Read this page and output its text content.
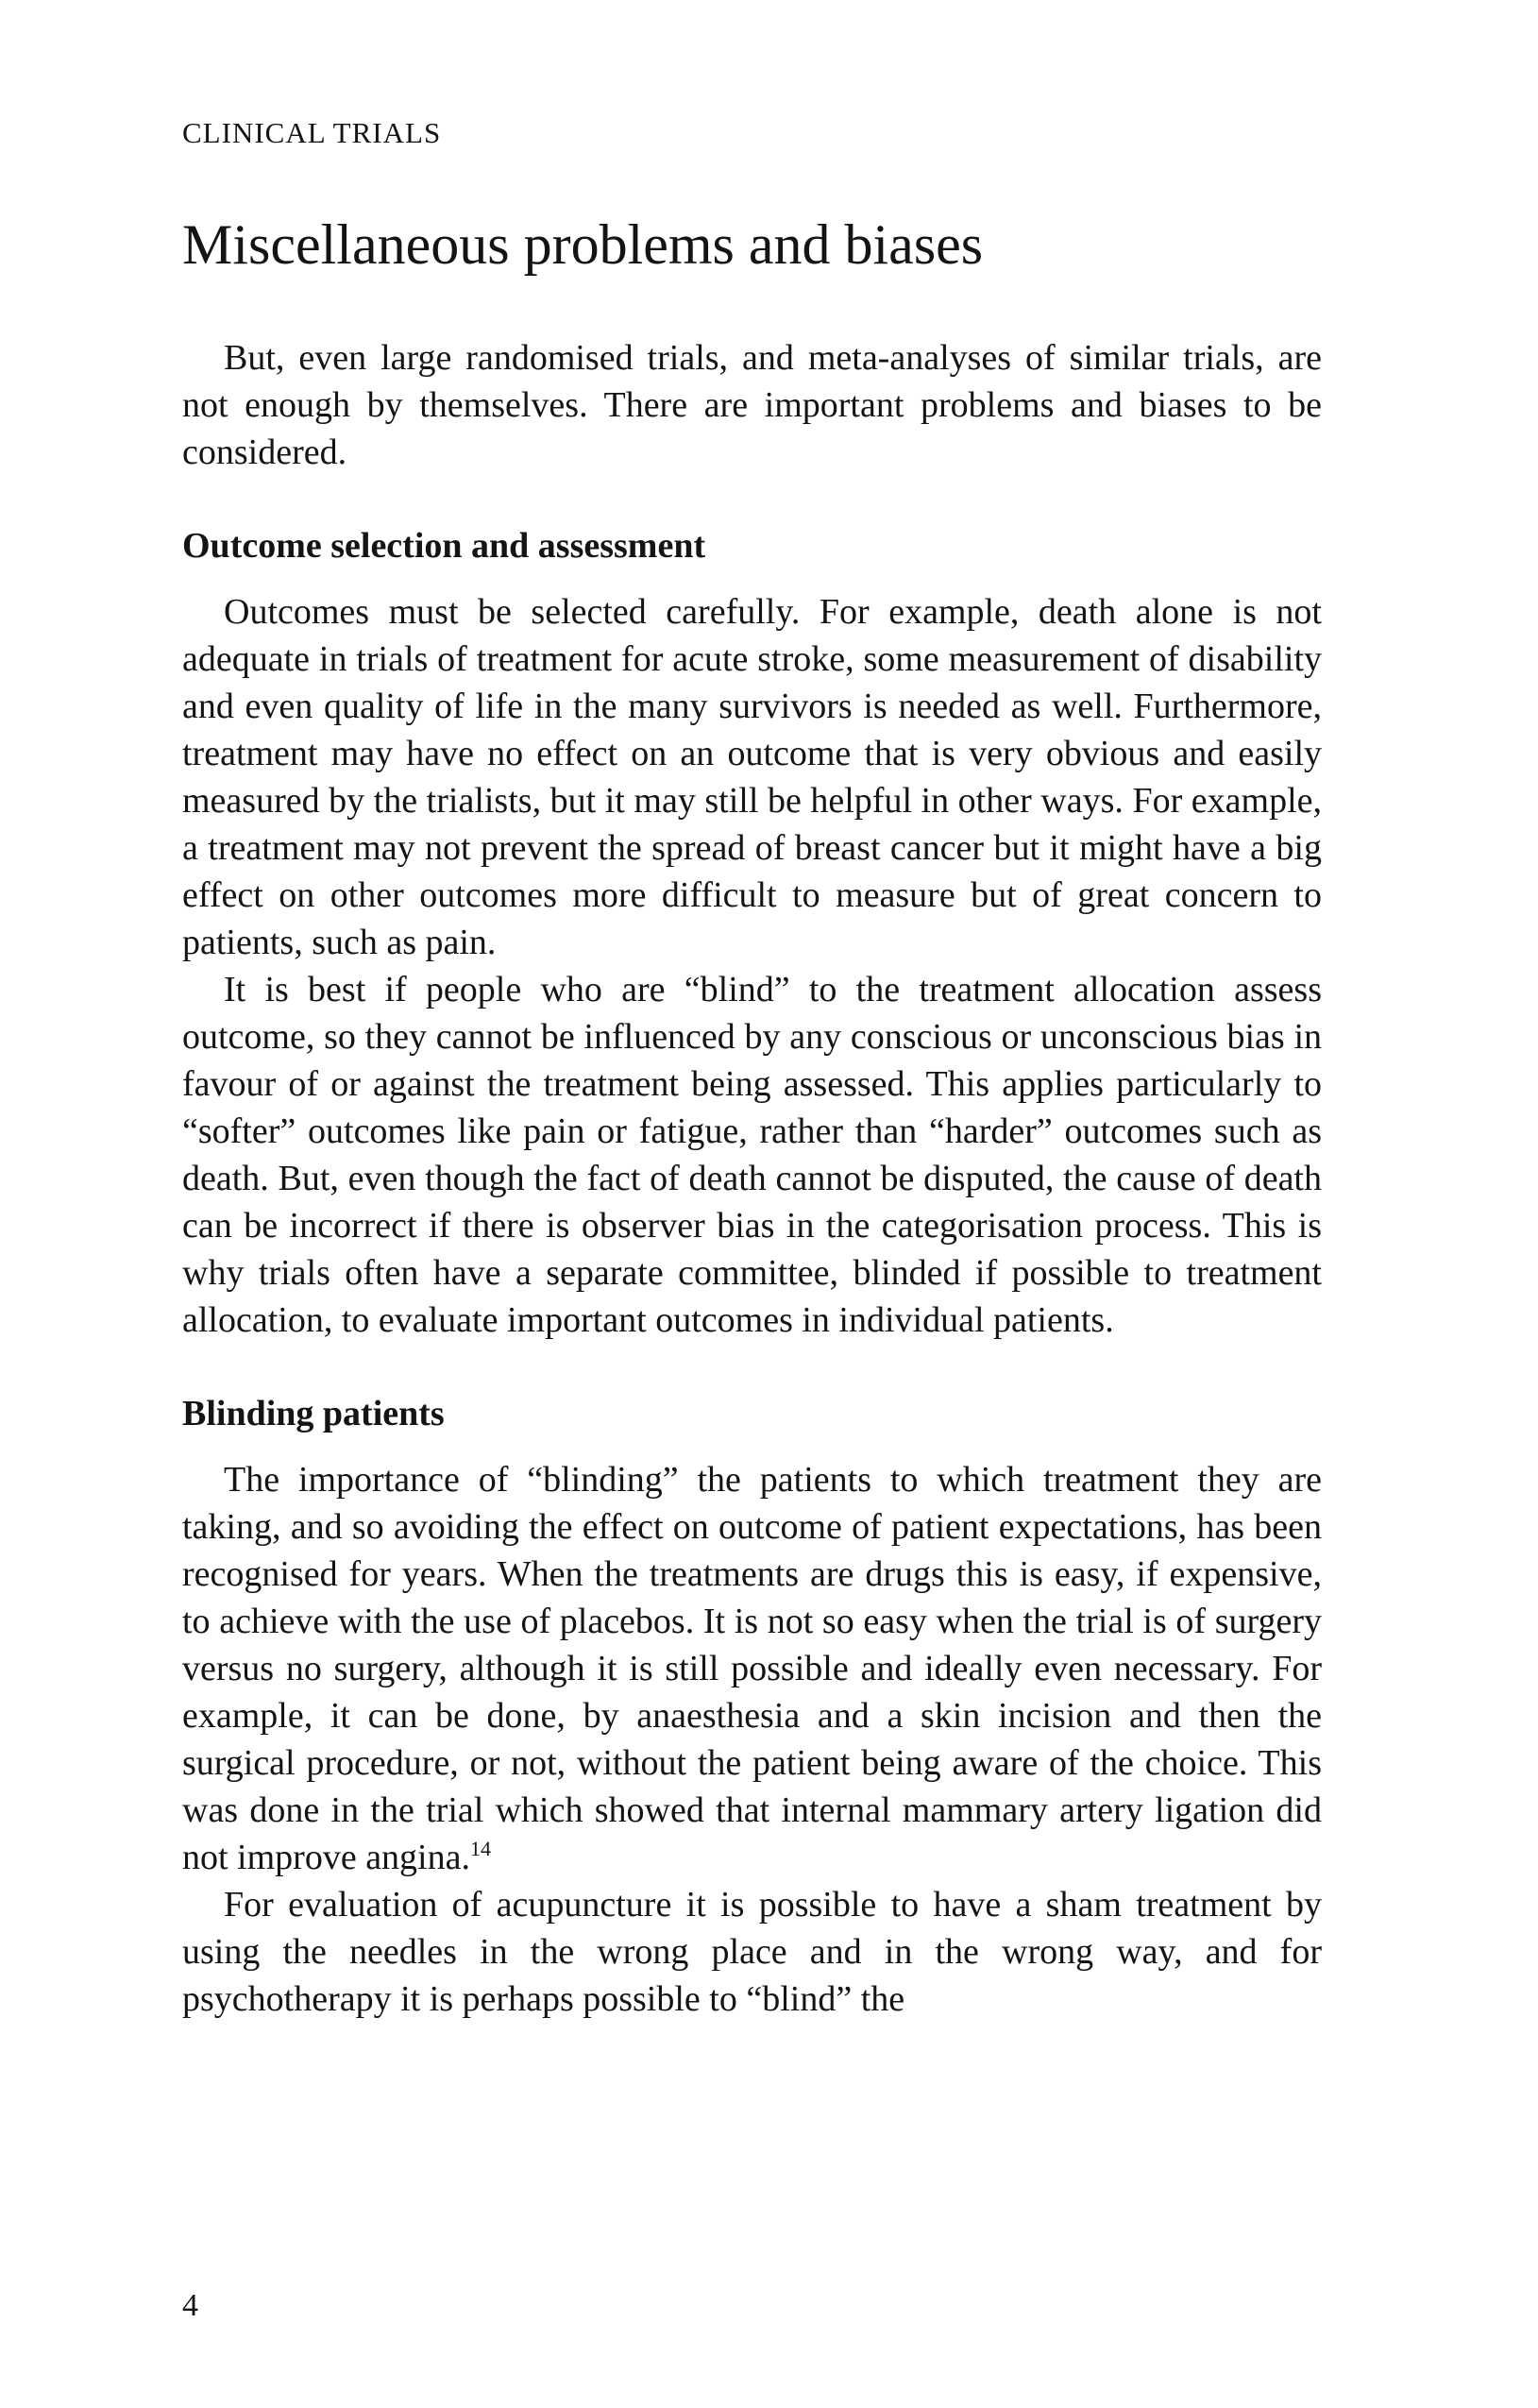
CLINICAL TRIALS
Miscellaneous problems and biases

But, even large randomised trials, and meta-analyses of similar trials, are not enough by themselves. There are important problems and biases to be considered.

Outcome selection and assessment

Outcomes must be selected carefully. For example, death alone is not adequate in trials of treatment for acute stroke, some measurement of disability and even quality of life in the many survivors is needed as well. Furthermore, treatment may have no effect on an outcome that is very obvious and easily measured by the trialists, but it may still be helpful in other ways. For example, a treatment may not prevent the spread of breast cancer but it might have a big effect on other outcomes more difficult to measure but of great concern to patients, such as pain.

It is best if people who are “blind” to the treatment allocation assess outcome, so they cannot be influenced by any conscious or unconscious bias in favour of or against the treatment being assessed. This applies particularly to “softer” outcomes like pain or fatigue, rather than “harder” outcomes such as death. But, even though the fact of death cannot be disputed, the cause of death can be incorrect if there is observer bias in the categorisation process. This is why trials often have a separate committee, blinded if possible to treatment allocation, to evaluate important outcomes in individual patients.

Blinding patients

The importance of “blinding” the patients to which treatment they are taking, and so avoiding the effect on outcome of patient expectations, has been recognised for years. When the treatments are drugs this is easy, if expensive, to achieve with the use of placebos. It is not so easy when the trial is of surgery versus no surgery, although it is still possible and ideally even necessary. For example, it can be done, by anaesthesia and a skin incision and then the surgical procedure, or not, without the patient being aware of the choice. This was done in the trial which showed that internal mammary artery ligation did not improve angina.$^{14}$

For evaluation of acupuncture it is possible to have a sham treatment by using the needles in the wrong place and in the wrong way, and for psychotherapy it is perhaps possible to “blind” the

4
